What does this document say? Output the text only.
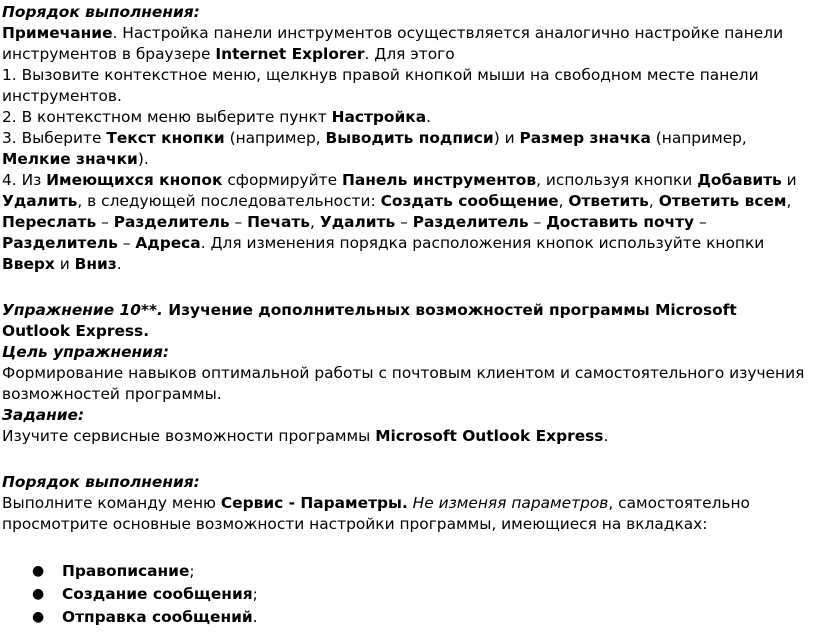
Порядок выполнения:
Примечание. Настройка панели инструментов осуществляется аналогично настройке панели
инструментов в браузере Internet Explorer. Для этого
1. Вызовите контекстное меню, щелкнув правой кнопкой мыши на свободном месте панели
инструментов.
2. В контекстном меню выберите пункт Настройка.
3. Выберите Текст кнопки (например, Выводить подписи) и Размер значка (например,
Мелкие значки).
4. Из Имеющихся кнопок сформируйте Панель инструментов, используя кнопки Добавить и
Удалить, в следующей последовательности: Создать сообщение, Ответить, Ответить всем,
Переслать – Разделитель – Печать, Удалить – Разделитель – Доставить почту –
Разделитель – Адреса. Для изменения порядка расположения кнопок используйте кнопки
Вверх и Вниз.
Упражнение 10**. Изучение дополнительных возможностей программы Microsoft
Outlook Express.
Цель упражнения:
Формирование навыков оптимальной работы с почтовым клиентом и самостоятельного изучения
возможностей программы.
Задание:
Изучите сервисные возможности программы Microsoft Outlook Express.
Порядок выполнения:
Выполните команду меню Сервис - Параметры. Не изменяя параметров, самостоятельно
просмотрите основные возможности настройки программы, имеющиеся на вкладках:
● Правописание;
● Создание сообщения;
● Отправка сообщений.
